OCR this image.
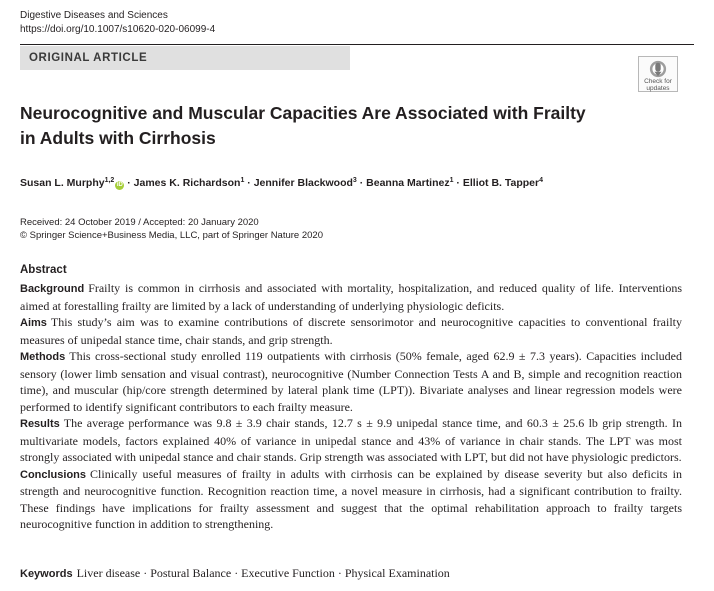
Digestive Diseases and Sciences
https://doi.org/10.1007/s10620-020-06099-4
ORIGINAL ARTICLE
Check for
updates
Neurocognitive and Muscular Capacities Are Associated with Frailty
in Adults with Cirrhosis
Susan L. Murphy$^{1,2}$iD · James K. Richardson$^1$ · Jennifer Blackwood$^3$ · Beanna Martinez$^1$ · Elliot B. Tapper$^4$
Received: 24 October 2019 / Accepted: 20 January 2020
© Springer Science+Business Media, LLC, part of Springer Nature 2020
Abstract

Background Frailty is common in cirrhosis and associated with mortality, hospitalization, and reduced quality of life. Interventions aimed at forestalling frailty are limited by a lack of understanding of underlying physiologic deficits.

Aims This study’s aim was to examine contributions of discrete sensorimotor and neurocognitive capacities to conventional frailty measures of unipedal stance time, chair stands, and grip strength.

Methods This cross-sectional study enrolled 119 outpatients with cirrhosis (50% female, aged 62.9 ± 7.3 years). Capacities included sensory (lower limb sensation and visual contrast), neurocognitive (Number Connection Tests A and B, simple and recognition reaction time), and muscular (hip/core strength determined by lateral plank time (LPT)). Bivariate analyses and linear regression models were performed to identify significant contributors to each frailty measure.

Results The average performance was 9.8 ± 3.9 chair stands, 12.7 s ± 9.9 unipedal stance time, and 60.3 ± 25.6 lb grip strength. In multivariate models, factors explained 40% of variance in unipedal stance and 43% of variance in chair stands. The LPT was most strongly associated with unipedal stance and chair stands. Grip strength was associated with LPT, but did not have physiologic predictors.

Conclusions Clinically useful measures of frailty in adults with cirrhosis can be explained by disease severity but also deficits in strength and neurocognitive function. Recognition reaction time, a novel measure in cirrhosis, had a significant contribution to frailty. These findings have implications for frailty assessment and suggest that the optimal rehabilitation approach to frailty targets neurocognitive function in addition to strengthening.

Keywords Liver disease · Postural Balance · Executive Function · Physical Examination
